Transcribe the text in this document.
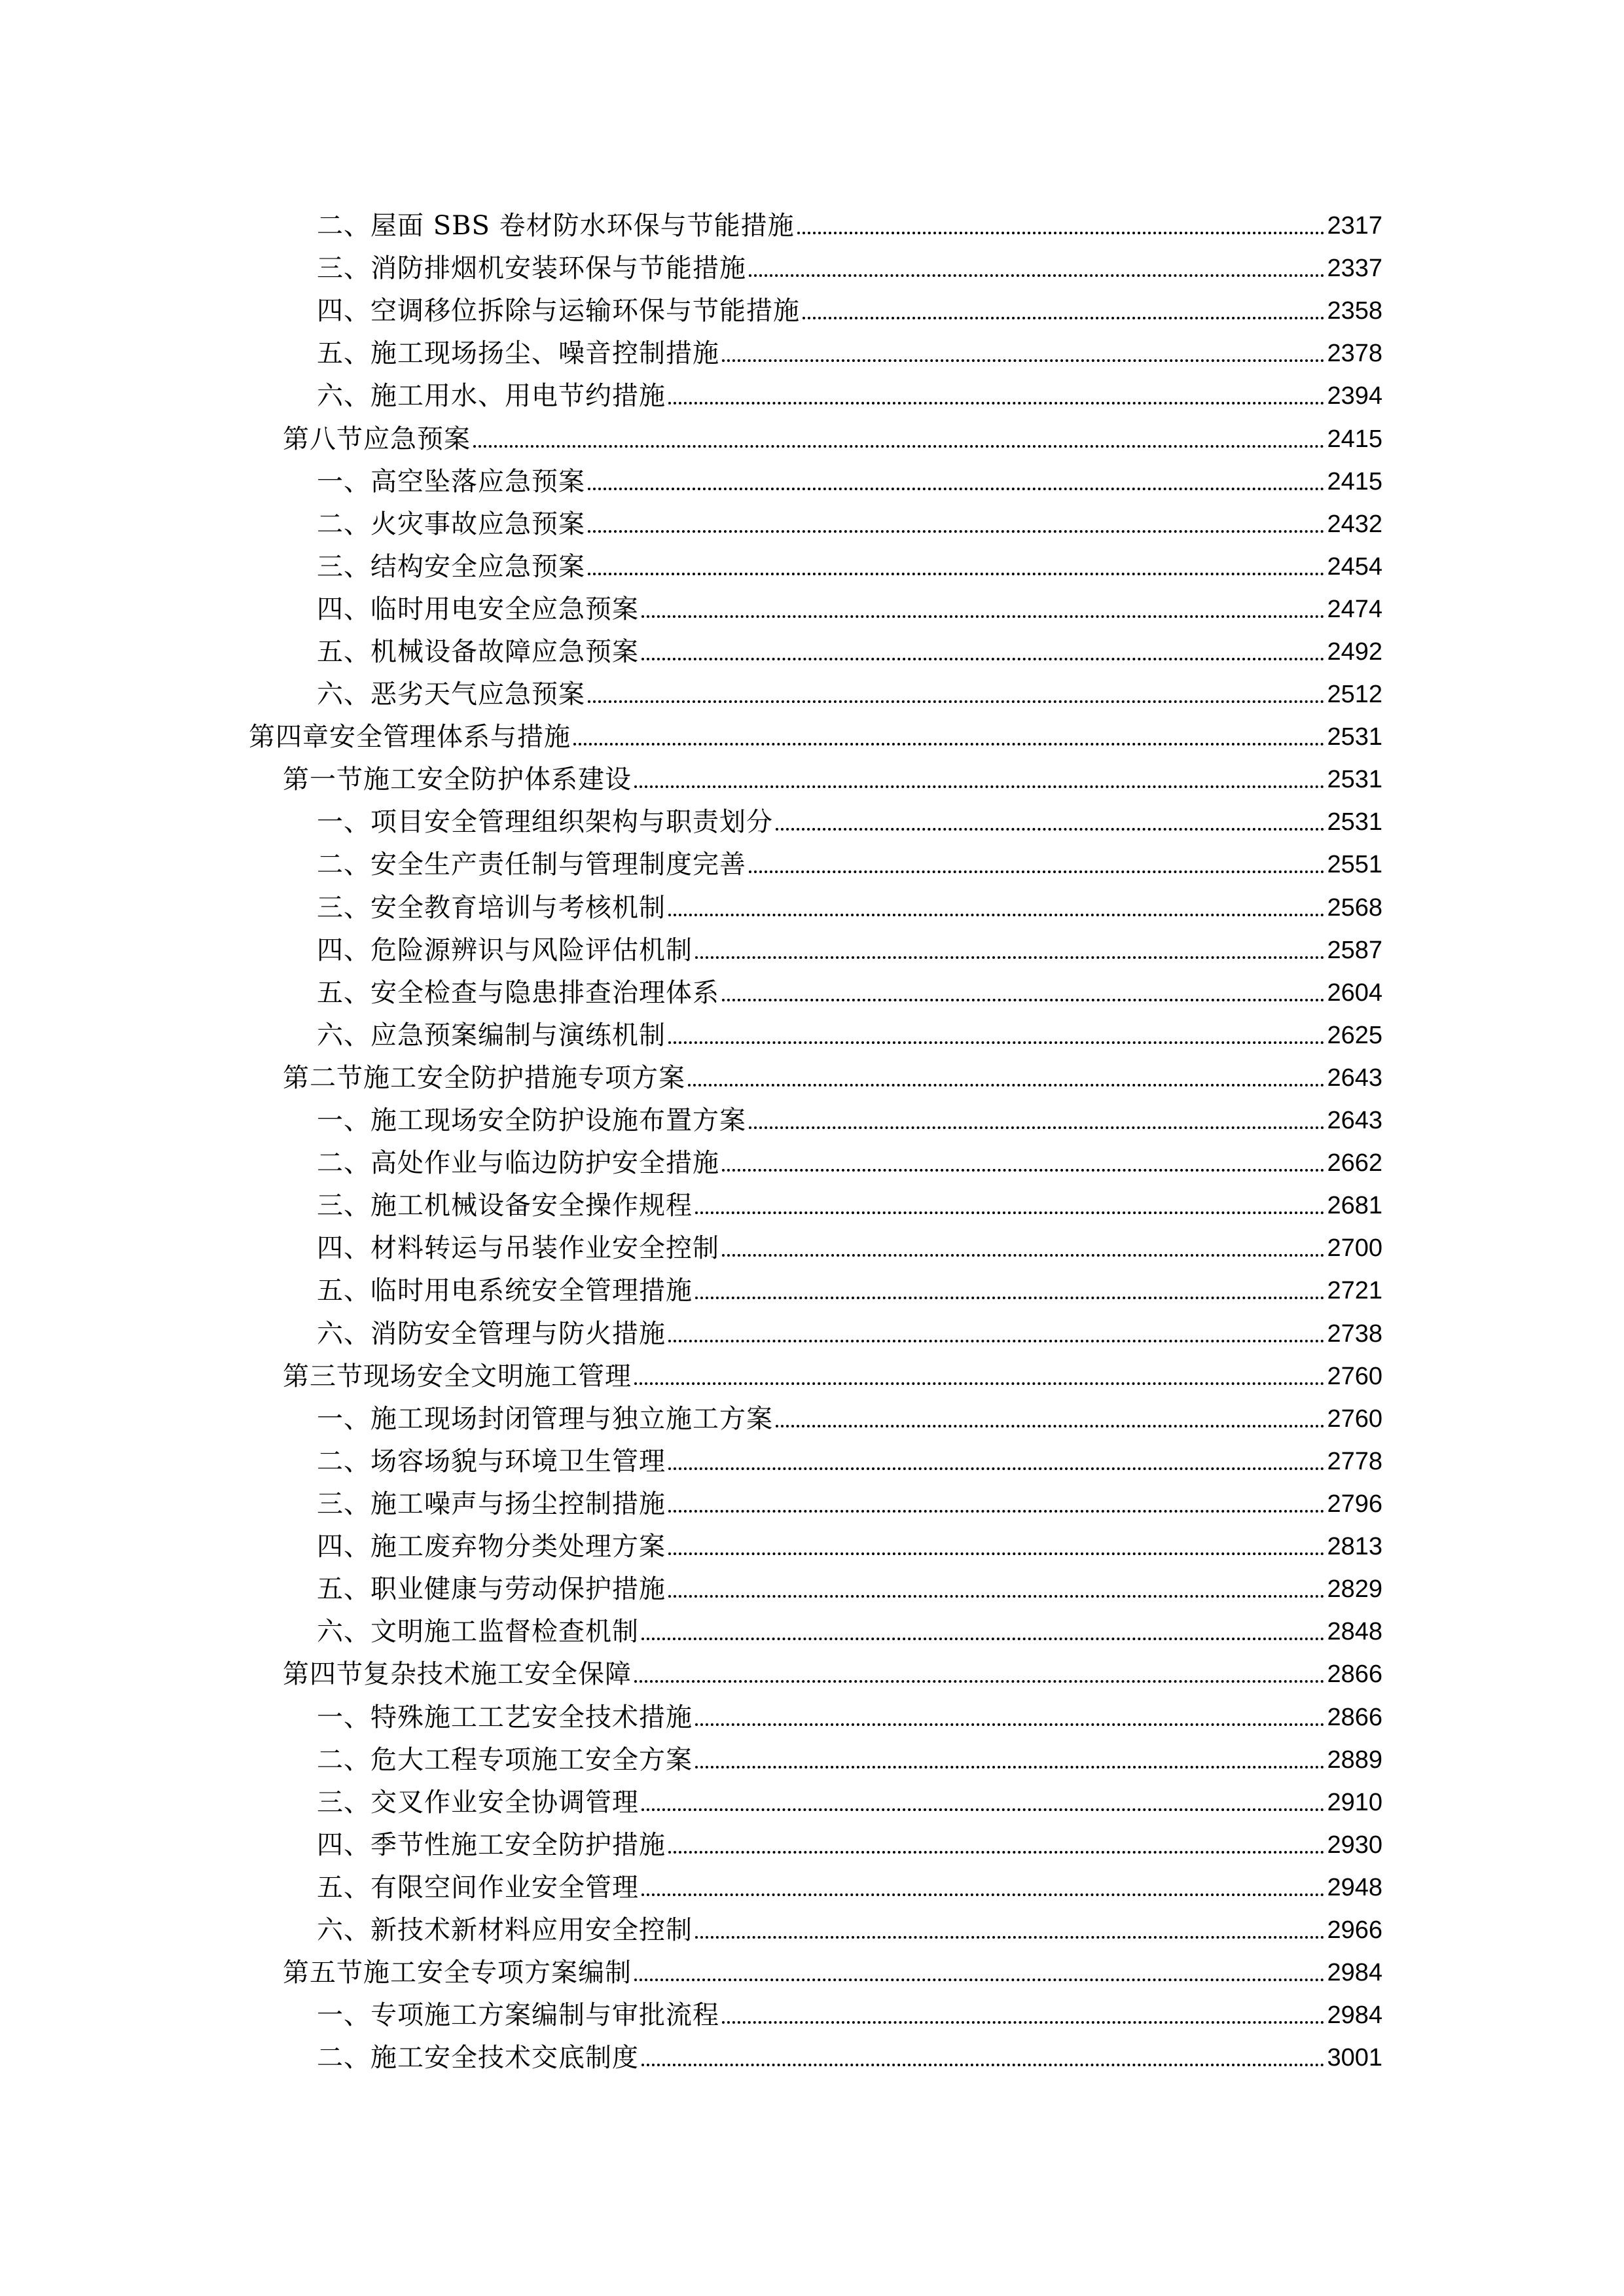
二、屋面 SBS 卷材防水环保与节能措施	2317
三、消防排烟机安装环保与节能措施	2337
四、空调移位拆除与运输环保与节能措施	2358
五、施工现场扬尘、噪音控制措施	2378
六、施工用水、用电节约措施	2394
第八节应急预案	2415
一、高空坠落应急预案	2415
二、火灾事故应急预案	2432
三、结构安全应急预案	2454
四、临时用电安全应急预案	2474
五、机械设备故障应急预案	2492
六、恶劣天气应急预案	2512
第四章安全管理体系与措施	2531
第一节施工安全防护体系建设	2531
一、项目安全管理组织架构与职责划分	2531
二、安全生产责任制与管理制度完善	2551
三、安全教育培训与考核机制	2568
四、危险源辨识与风险评估机制	2587
五、安全检查与隐患排查治理体系	2604
六、应急预案编制与演练机制	2625
第二节施工安全防护措施专项方案	2643
一、施工现场安全防护设施布置方案	2643
二、高处作业与临边防护安全措施	2662
三、施工机械设备安全操作规程	2681
四、材料转运与吊装作业安全控制	2700
五、临时用电系统安全管理措施	2721
六、消防安全管理与防火措施	2738
第三节现场安全文明施工管理	2760
一、施工现场封闭管理与独立施工方案	2760
二、场容场貌与环境卫生管理	2778
三、施工噪声与扬尘控制措施	2796
四、施工废弃物分类处理方案	2813
五、职业健康与劳动保护措施	2829
六、文明施工监督检查机制	2848
第四节复杂技术施工安全保障	2866
一、特殊施工工艺安全技术措施	2866
二、危大工程专项施工安全方案	2889
三、交叉作业安全协调管理	2910
四、季节性施工安全防护措施	2930
五、有限空间作业安全管理	2948
六、新技术新材料应用安全控制	2966
第五节施工安全专项方案编制	2984
一、专项施工方案编制与审批流程	2984
二、施工安全技术交底制度	3001
